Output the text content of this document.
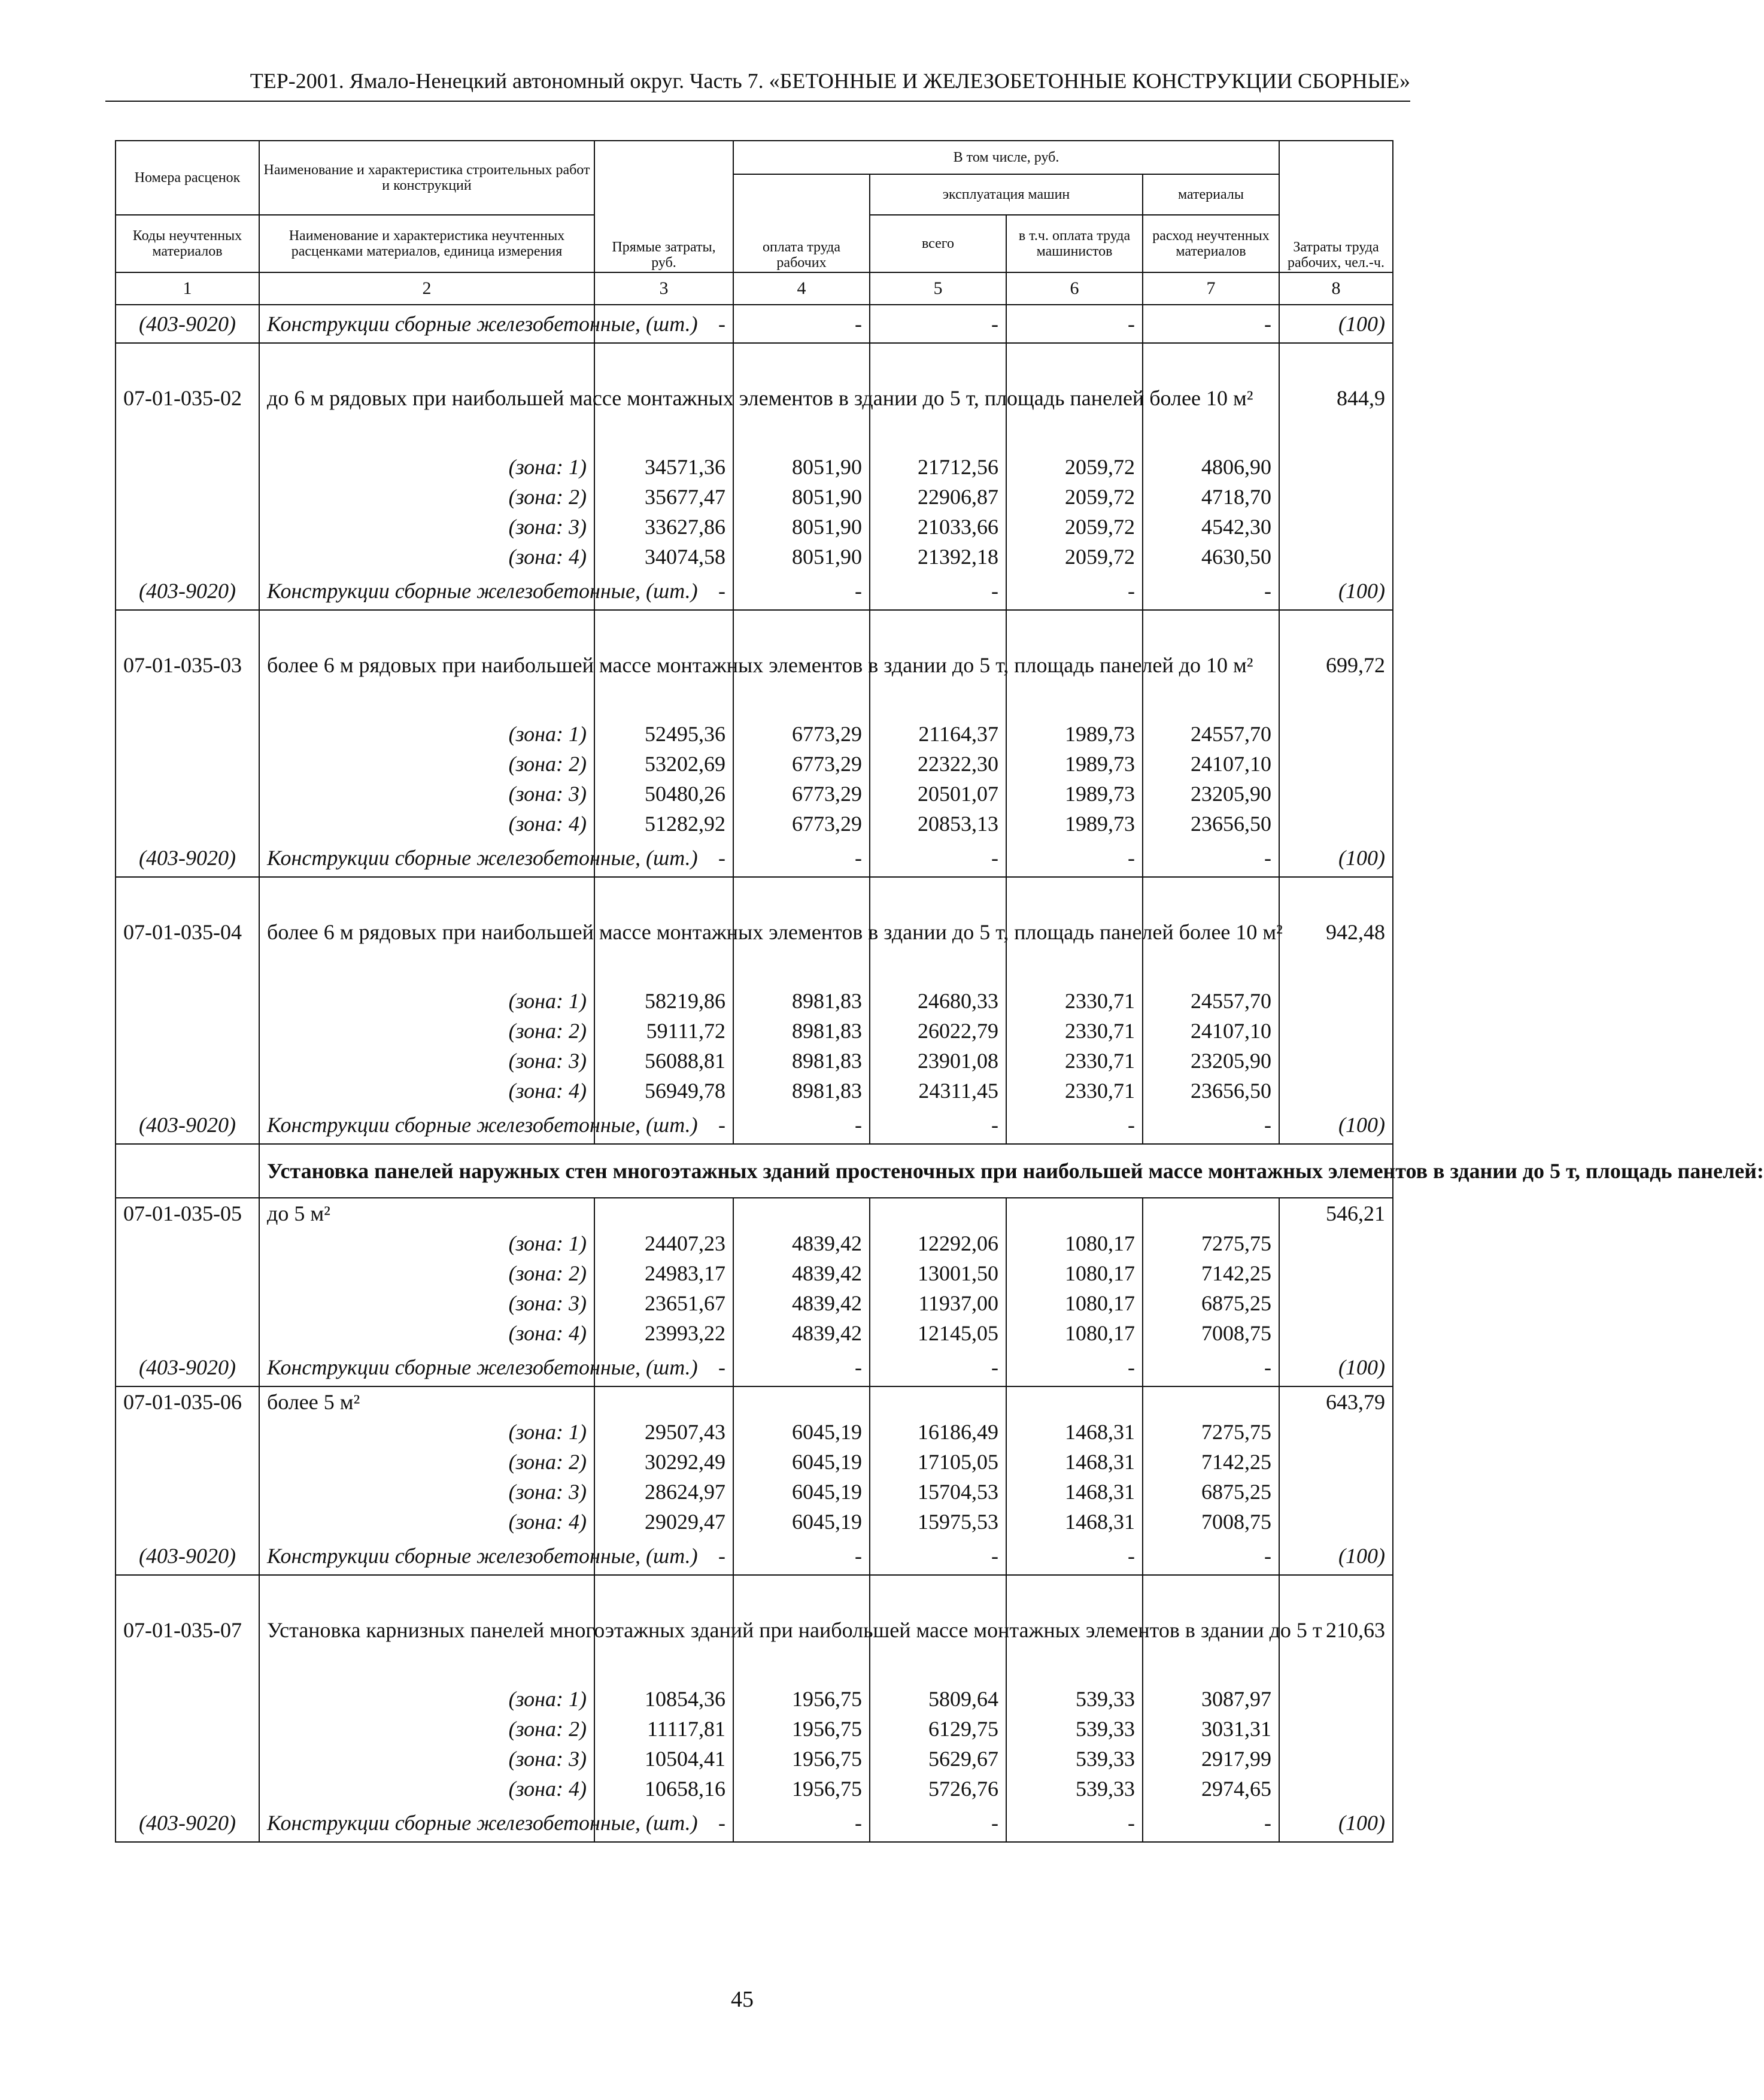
ТЕР-2001. Ямало-Ненецкий автономный округ. Часть 7. «БЕТОННЫЕ И ЖЕЛЕЗОБЕТОННЫЕ КОНСТРУКЦИИ СБОРНЫЕ»
Номера расценок	Наименование и характеристика строительных работ и конструкций	Прямые затраты, руб.	В том числе, руб.				Затраты труда рабочих, чел.-ч.	
			оплата труда рабочих	эксплуатация машин		материалы		
Коды неучтенных материалов	Наименование и характеристика неучтенных расценками материалов, единица измерения			всего	в т.ч. оплата труда машинистов	расход неучтенных материалов		
1	2	3	4	5	6	7	8	
(403-9020)	Конструкции сборные железобетонные, (шт.)	-	-	-	-	-	(100)	
07-01-035-02	до 6 м рядовых при наибольшей массе монтажных элементов в здании до 5 т, площадь панелей более 10 м²						844,9	
	(зона: 1)	34571,36	8051,90	21712,56	2059,72	4806,90		
	(зона: 2)	35677,47	8051,90	22906,87	2059,72	4718,70		
	(зона: 3)	33627,86	8051,90	21033,66	2059,72	4542,30		
	(зона: 4)	34074,58	8051,90	21392,18	2059,72	4630,50		
(403-9020)	Конструкции сборные железобетонные, (шт.)	-	-	-	-	-	(100)	
07-01-035-03	более 6 м рядовых при наибольшей массе монтажных элементов в здании до 5 т, площадь панелей до 10 м²						699,72	
	(зона: 1)	52495,36	6773,29	21164,37	1989,73	24557,70		
	(зона: 2)	53202,69	6773,29	22322,30	1989,73	24107,10		
	(зона: 3)	50480,26	6773,29	20501,07	1989,73	23205,90		
	(зона: 4)	51282,92	6773,29	20853,13	1989,73	23656,50		
(403-9020)	Конструкции сборные железобетонные, (шт.)	-	-	-	-	-	(100)	
07-01-035-04	более 6 м рядовых при наибольшей массе монтажных элементов в здании до 5 т, площадь панелей более 10 м²						942,48	
	(зона: 1)	58219,86	8981,83	24680,33	2330,71	24557,70		
	(зона: 2)	59111,72	8981,83	26022,79	2330,71	24107,10		
	(зона: 3)	56088,81	8981,83	23901,08	2330,71	23205,90		
	(зона: 4)	56949,78	8981,83	24311,45	2330,71	23656,50		
(403-9020)	Конструкции сборные железобетонные, (шт.)	-	-	-	-	-	(100)	
	Установка панелей наружных стен многоэтажных зданий простеночных при наибольшей массе монтажных элементов в здании до 5 т, площадь панелей:							
07-01-035-05	до 5 м²						546,21	
	(зона: 1)	24407,23	4839,42	12292,06	1080,17	7275,75		
	(зона: 2)	24983,17	4839,42	13001,50	1080,17	7142,25		
	(зона: 3)	23651,67	4839,42	11937,00	1080,17	6875,25		
	(зона: 4)	23993,22	4839,42	12145,05	1080,17	7008,75		
(403-9020)	Конструкции сборные железобетонные, (шт.)	-	-	-	-	-	(100)	
07-01-035-06	более 5 м²						643,79	
	(зона: 1)	29507,43	6045,19	16186,49	1468,31	7275,75		
	(зона: 2)	30292,49	6045,19	17105,05	1468,31	7142,25		
	(зона: 3)	28624,97	6045,19	15704,53	1468,31	6875,25		
	(зона: 4)	29029,47	6045,19	15975,53	1468,31	7008,75		
(403-9020)	Конструкции сборные железобетонные, (шт.)	-	-	-	-	-	(100)	
07-01-035-07	Установка карнизных панелей многоэтажных зданий при наибольшей массе монтажных элементов в здании до 5 т						210,63	
	(зона: 1)	10854,36	1956,75	5809,64	539,33	3087,97		
	(зона: 2)	11117,81	1956,75	6129,75	539,33	3031,31		
	(зона: 3)	10504,41	1956,75	5629,67	539,33	2917,99		
	(зона: 4)	10658,16	1956,75	5726,76	539,33	2974,65		
(403-9020)	Конструкции сборные железобетонные, (шт.)	-	-	-	-	-	(100)	
45
